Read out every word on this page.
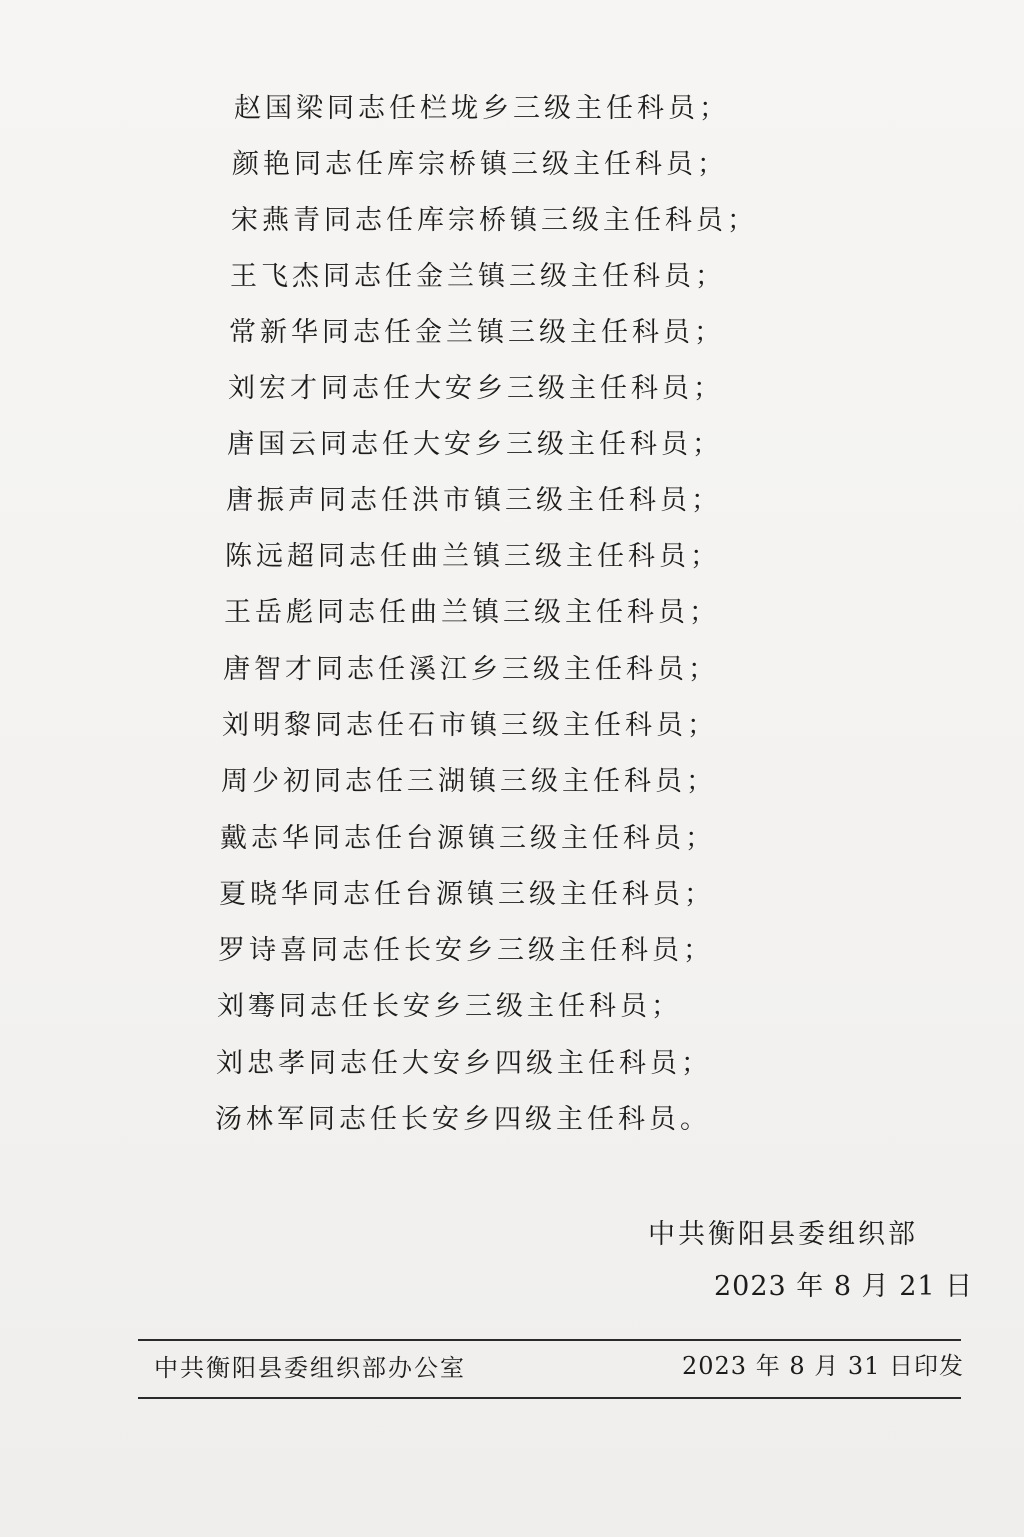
赵国梁同志任栏垅乡三级主任科员；
颜艳同志任库宗桥镇三级主任科员；
宋燕青同志任库宗桥镇三级主任科员；
王飞杰同志任金兰镇三级主任科员；
常新华同志任金兰镇三级主任科员；
刘宏才同志任大安乡三级主任科员；
唐国云同志任大安乡三级主任科员；
唐振声同志任洪市镇三级主任科员；
陈远超同志任曲兰镇三级主任科员；
王岳彪同志任曲兰镇三级主任科员；
唐智才同志任溪江乡三级主任科员；
刘明黎同志任石市镇三级主任科员；
周少初同志任三湖镇三级主任科员；
戴志华同志任台源镇三级主任科员；
夏晓华同志任台源镇三级主任科员；
罗诗喜同志任长安乡三级主任科员；
刘骞同志任长安乡三级主任科员；
刘忠孝同志任大安乡四级主任科员；
汤林军同志任长安乡四级主任科员。
中共衡阳县委组织部
2023 年 8 月 21 日
中共衡阳县委组织部办公室	2023 年 8 月 31 日印发
